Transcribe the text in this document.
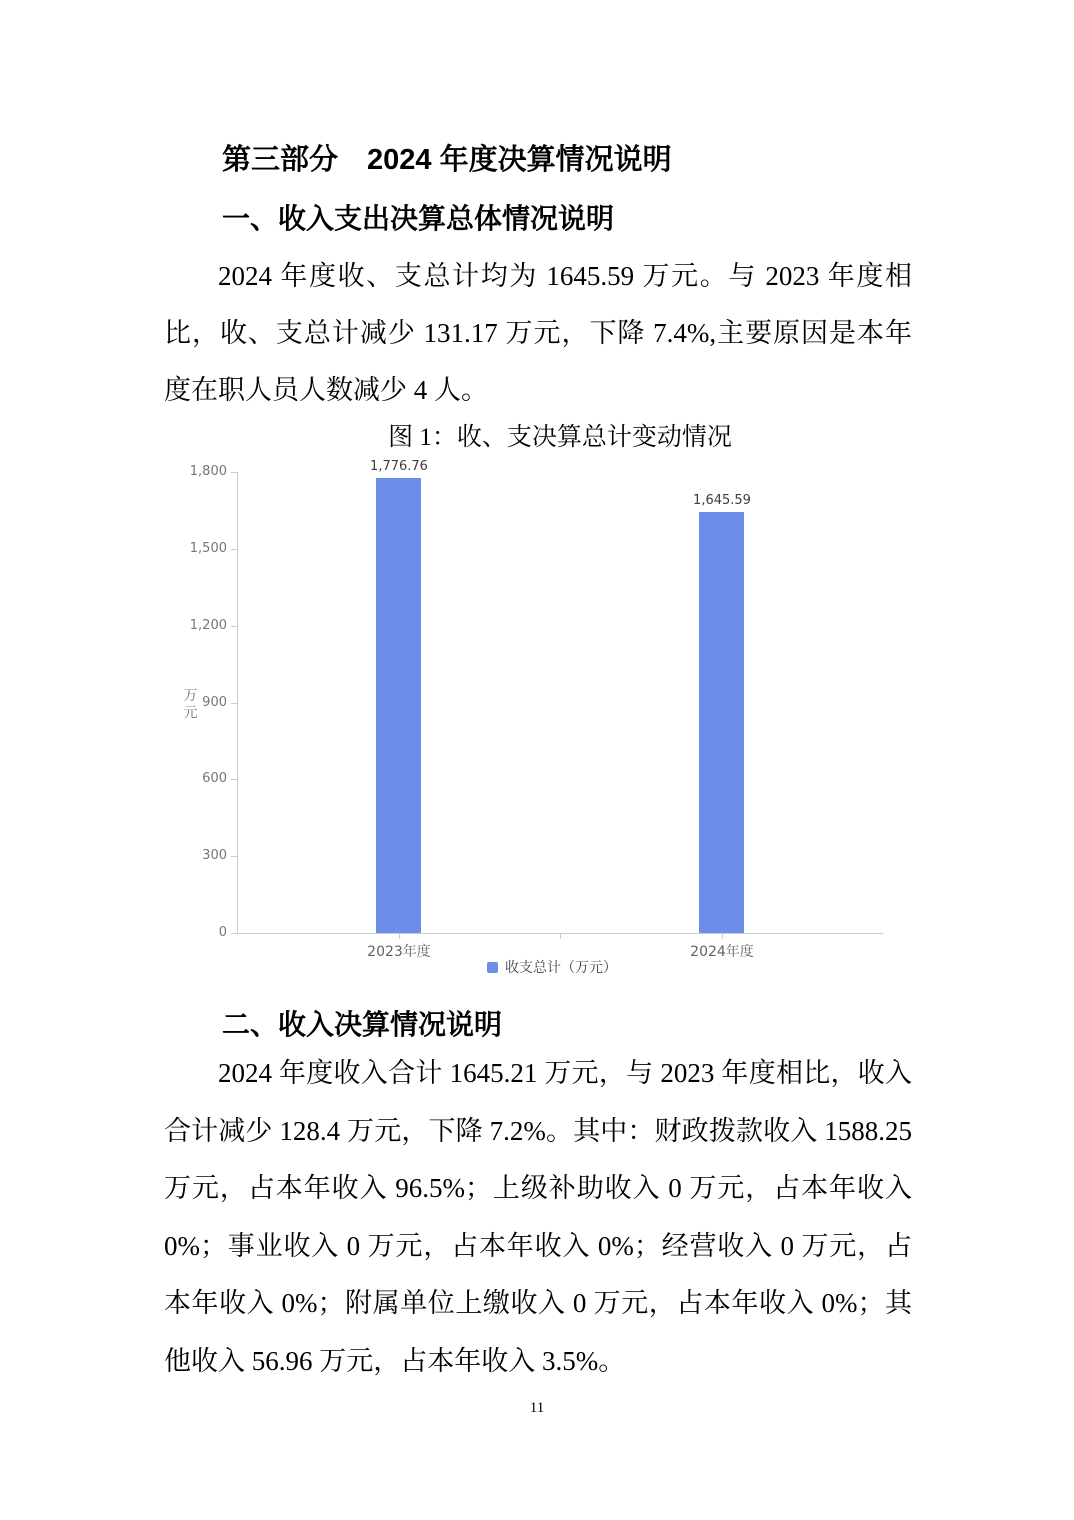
第三部分　2024 年度决算情况说明
一、收入支出决算总体情况说明
2024 年度收、支总计均为 1645.59 万元。与 2023 年度相比，收、支总计减少 131.17 万元，下降 7.4%,主要原因是本年度在职人员人数减少 4 人。
图 1：收、支决算总计变动情况
0
300
600
900
1,200
1,500
1,800
万元
1,776.76
2023年度
1,645.59
2024年度
收支总计（万元）
二、收入决算情况说明
2024 年度收入合计 1645.21 万元，与 2023 年度相比，收入合计减少 128.4 万元，下降 7.2%。其中：财政拨款收入 1588.25 万元，占本年收入 96.5%；上级补助收入 0 万元，占本年收入 0%；事业收入 0 万元，占本年收入 0%；经营收入 0 万元，占本年收入 0%；附属单位上缴收入 0 万元，占本年收入 0%；其他收入 56.96 万元，占本年收入 3.5%。
11
